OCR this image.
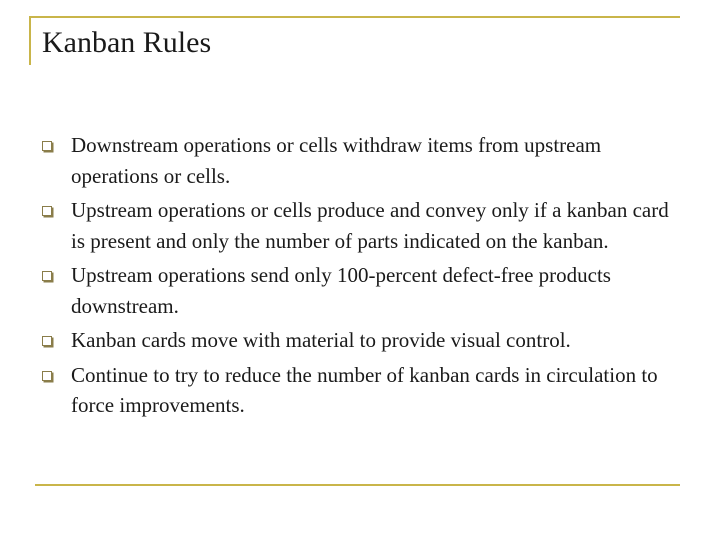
Kanban Rules
Downstream operations or cells withdraw items from upstream operations or cells.
Upstream operations or cells produce and convey only if a kanban card is present and only the number of parts indicated on the kanban.
Upstream operations send only 100-percent defect-free products downstream.
Kanban cards move with material to provide visual control.
Continue to try to reduce the number of kanban cards in circulation to force improvements.
